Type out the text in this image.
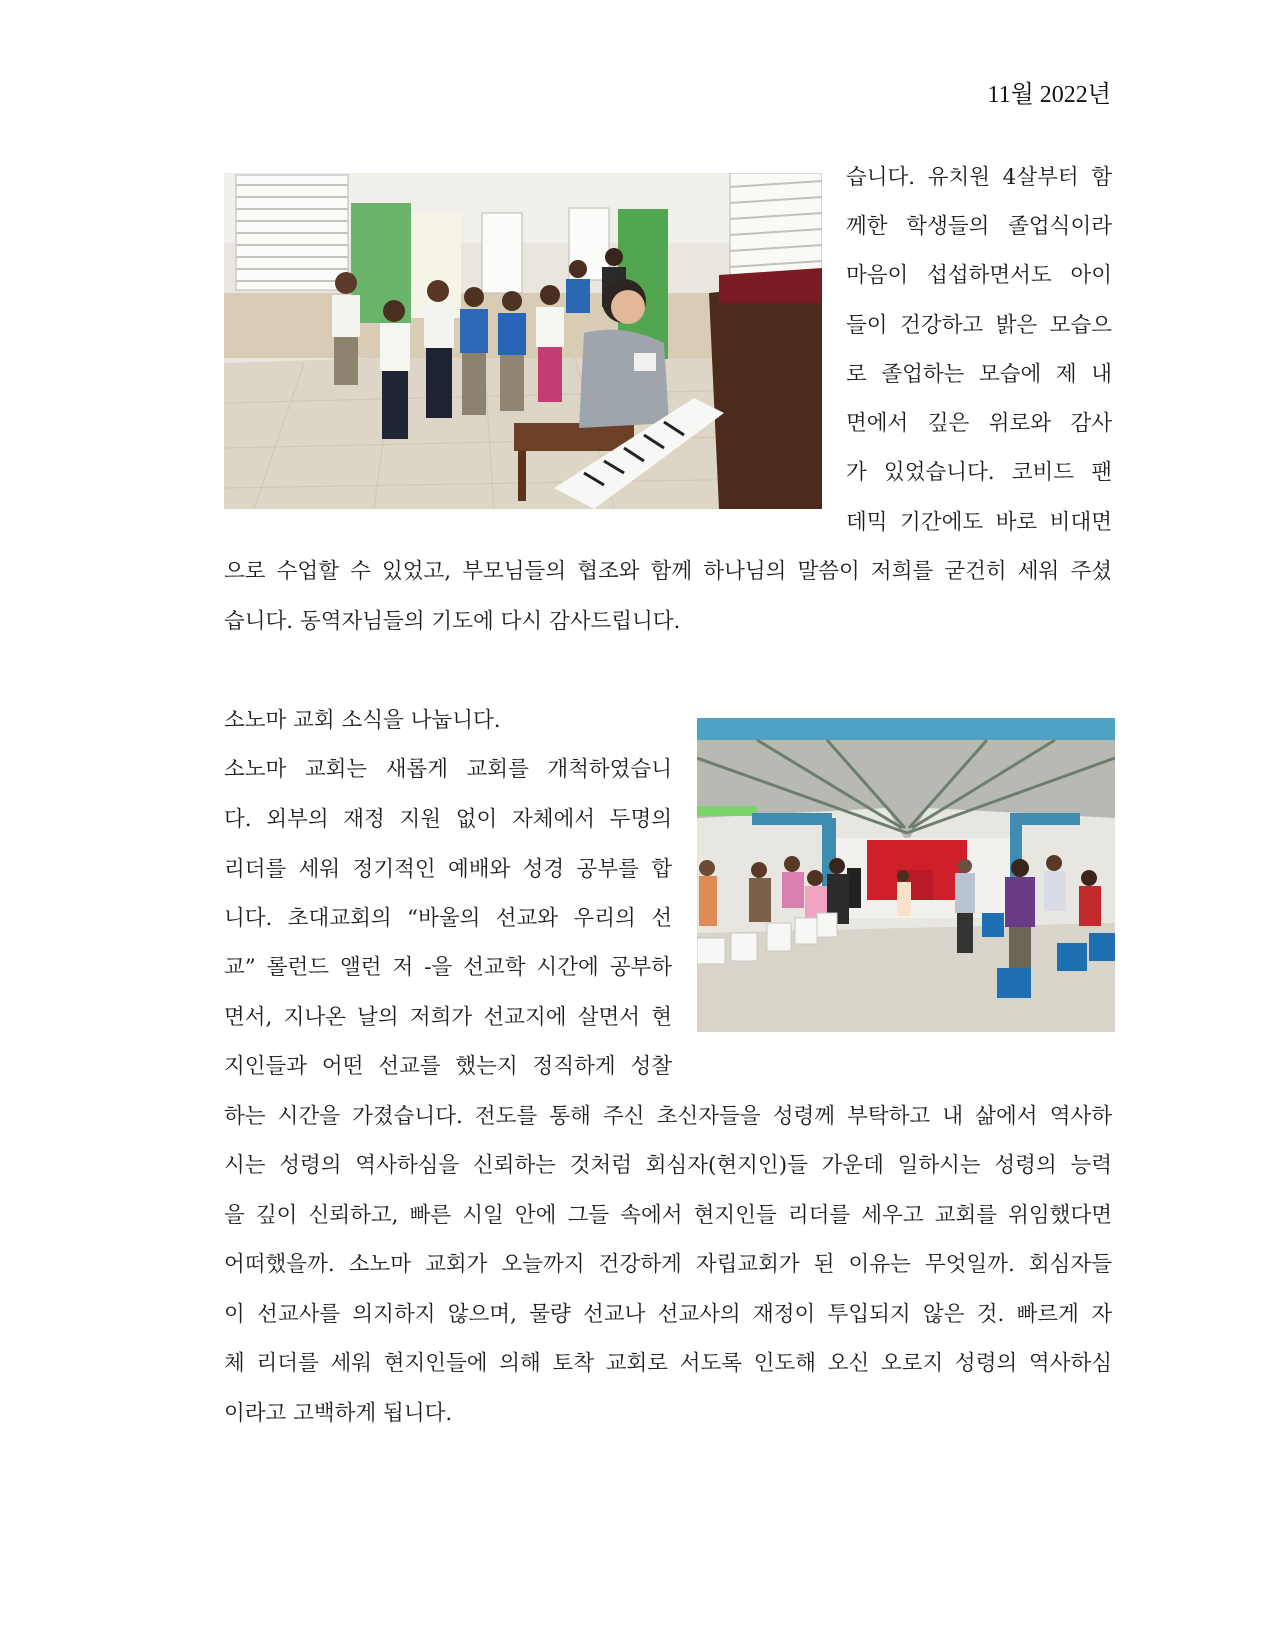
11월 2022년
습니다. 유치원 4살부터 함
께한 학생들의 졸업식이라
마음이 섭섭하면서도 아이
들이 건강하고 밝은 모습으
로 졸업하는 모습에 제 내
면에서 깊은 위로와 감사
가 있었습니다. 코비드 팬
데믹 기간에도 바로 비대면
으로 수업할 수 있었고, 부모님들의 협조와 함께 하나님의 말씀이 저희를 굳건히 세워 주셨
습니다. 동역자님들의 기도에 다시 감사드립니다.
소노마 교회 소식을 나눕니다.
소노마 교회는 새롭게 교회를 개척하였습니
다. 외부의 재정 지원 없이 자체에서 두명의
리더를 세워 정기적인 예배와 성경 공부를 합
니다. 초대교회의 “바울의 선교와 우리의 선
교” 롤런드 앨런 저 -을 선교학 시간에 공부하
면서, 지나온 날의 저희가 선교지에 살면서 현
지인들과 어떤 선교를 했는지 정직하게 성찰
하는 시간을 가졌습니다. 전도를 통해 주신 초신자들을 성령께 부탁하고 내 삶에서 역사하
시는 성령의 역사하심을 신뢰하는 것처럼 회심자(현지인)들 가운데 일하시는 성령의 능력
을 깊이 신뢰하고, 빠른 시일 안에 그들 속에서 현지인들 리더를 세우고 교회를 위임했다면
어떠했을까. 소노마 교회가 오늘까지 건강하게 자립교회가 된 이유는 무엇일까. 회심자들
이 선교사를 의지하지 않으며, 물량 선교나 선교사의 재정이 투입되지 않은 것. 빠르게 자
체 리더를 세워 현지인들에 의해 토착 교회로 서도록 인도해 오신 오로지 성령의 역사하심
이라고 고백하게 됩니다.
